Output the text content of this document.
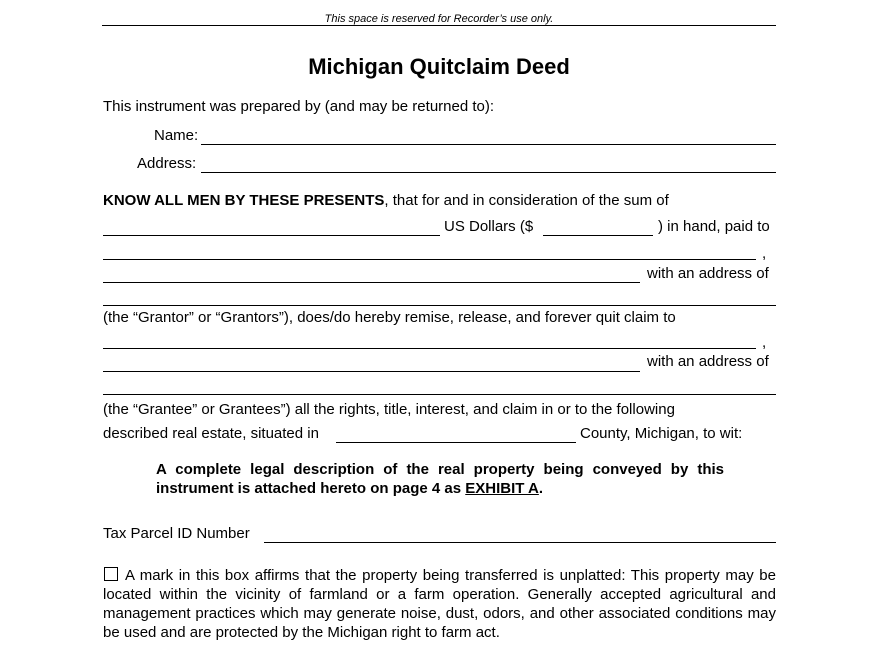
This space is reserved for Recorder’s use only.
Michigan Quitclaim Deed
This instrument was prepared by (and may be returned to):
Name:
Address:
KNOW ALL MEN BY THESE PRESENTS, that for and in consideration of the sum of
US Dollars ($	) in hand, paid to
,
with an address of
(the “Grantor” or “Grantors”), does/do hereby remise, release, and forever quit claim to
,
with an address of
(the “Grantee” or Grantees”) all the rights, title, interest, and claim in or to the following
described real estate, situated in	County, Michigan, to wit:
A complete legal description of the real property being conveyed by this instrument is attached hereto on page 4 as EXHIBIT A.
Tax Parcel ID Number
A mark in this box affirms that the property being transferred is unplatted: This property may be located within the vicinity of farmland or a farm operation. Generally accepted agricultural and management practices which may generate noise, dust, odors, and other associated conditions may be used and are protected by the Michigan right to farm act.
